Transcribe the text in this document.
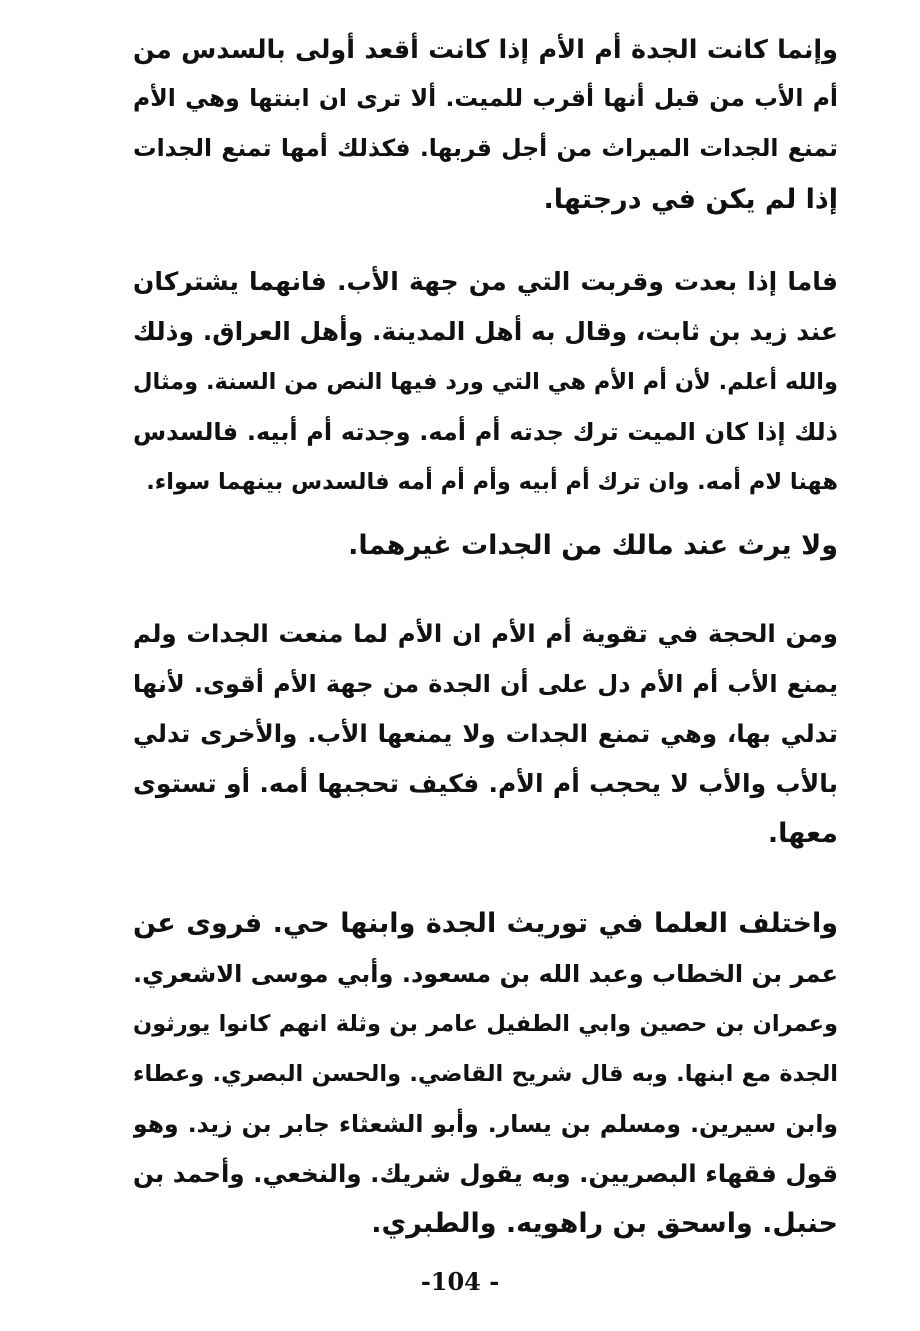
وإنما كانت الجدة أم الأم إذا كانت أقعد أولى بالسدس من
أم الأب من قبل أنها أقرب للميت. ألا ترى ان ابنتها وهي الأم
تمنع الجدات الميراث من أجل قربها. فكذلك أمها تمنع الجدات
إذا لم يكن في درجتها.
فاما إذا بعدت وقربت التي من جهة الأب. فانهما يشتركان
عند زيد بن ثابت، وقال به أهل المدينة. وأهل العراق. وذلك
والله أعلم. لأن أم الأم هي التي ورد فيها النص من السنة. ومثال
ذلك إذا كان الميت ترك جدته أم أمه. وجدته أم أبيه. فالسدس
ههنا لام أمه. وان ترك أم أبيه وأم أم أمه فالسدس بينهما سواء.
ولا يرث عند مالك من الجدات غيرهما.
ومن الحجة في تقوية أم الأم ان الأم لما منعت الجدات ولم
يمنع الأب أم الأم دل على أن الجدة من جهة الأم أقوى. لأنها
تدلي بها، وهي تمنع الجدات ولا يمنعها الأب. والأخرى تدلي
بالأب والأب لا يحجب أم الأم. فكيف تحجبها أمه. أو تستوى
معها.
واختلف العلما في توريث الجدة وابنها حي. فروى عن
عمر بن الخطاب وعبد الله بن مسعود. وأبي موسى الاشعري.
وعمران بن حصين وابي الطفيل عامر بن وثلة انهم كانوا يورثون
الجدة مع ابنها. وبه قال شريح القاضي. والحسن البصري. وعطاء
وابن سيرين. ومسلم بن يسار. وأبو الشعثاء جابر بن زيد. وهو
قول فقهاء البصريين. وبه يقول شريك. والنخعي. وأحمد بن
حنبل. واسحق بن راهويه. والطبري.
-104 -
